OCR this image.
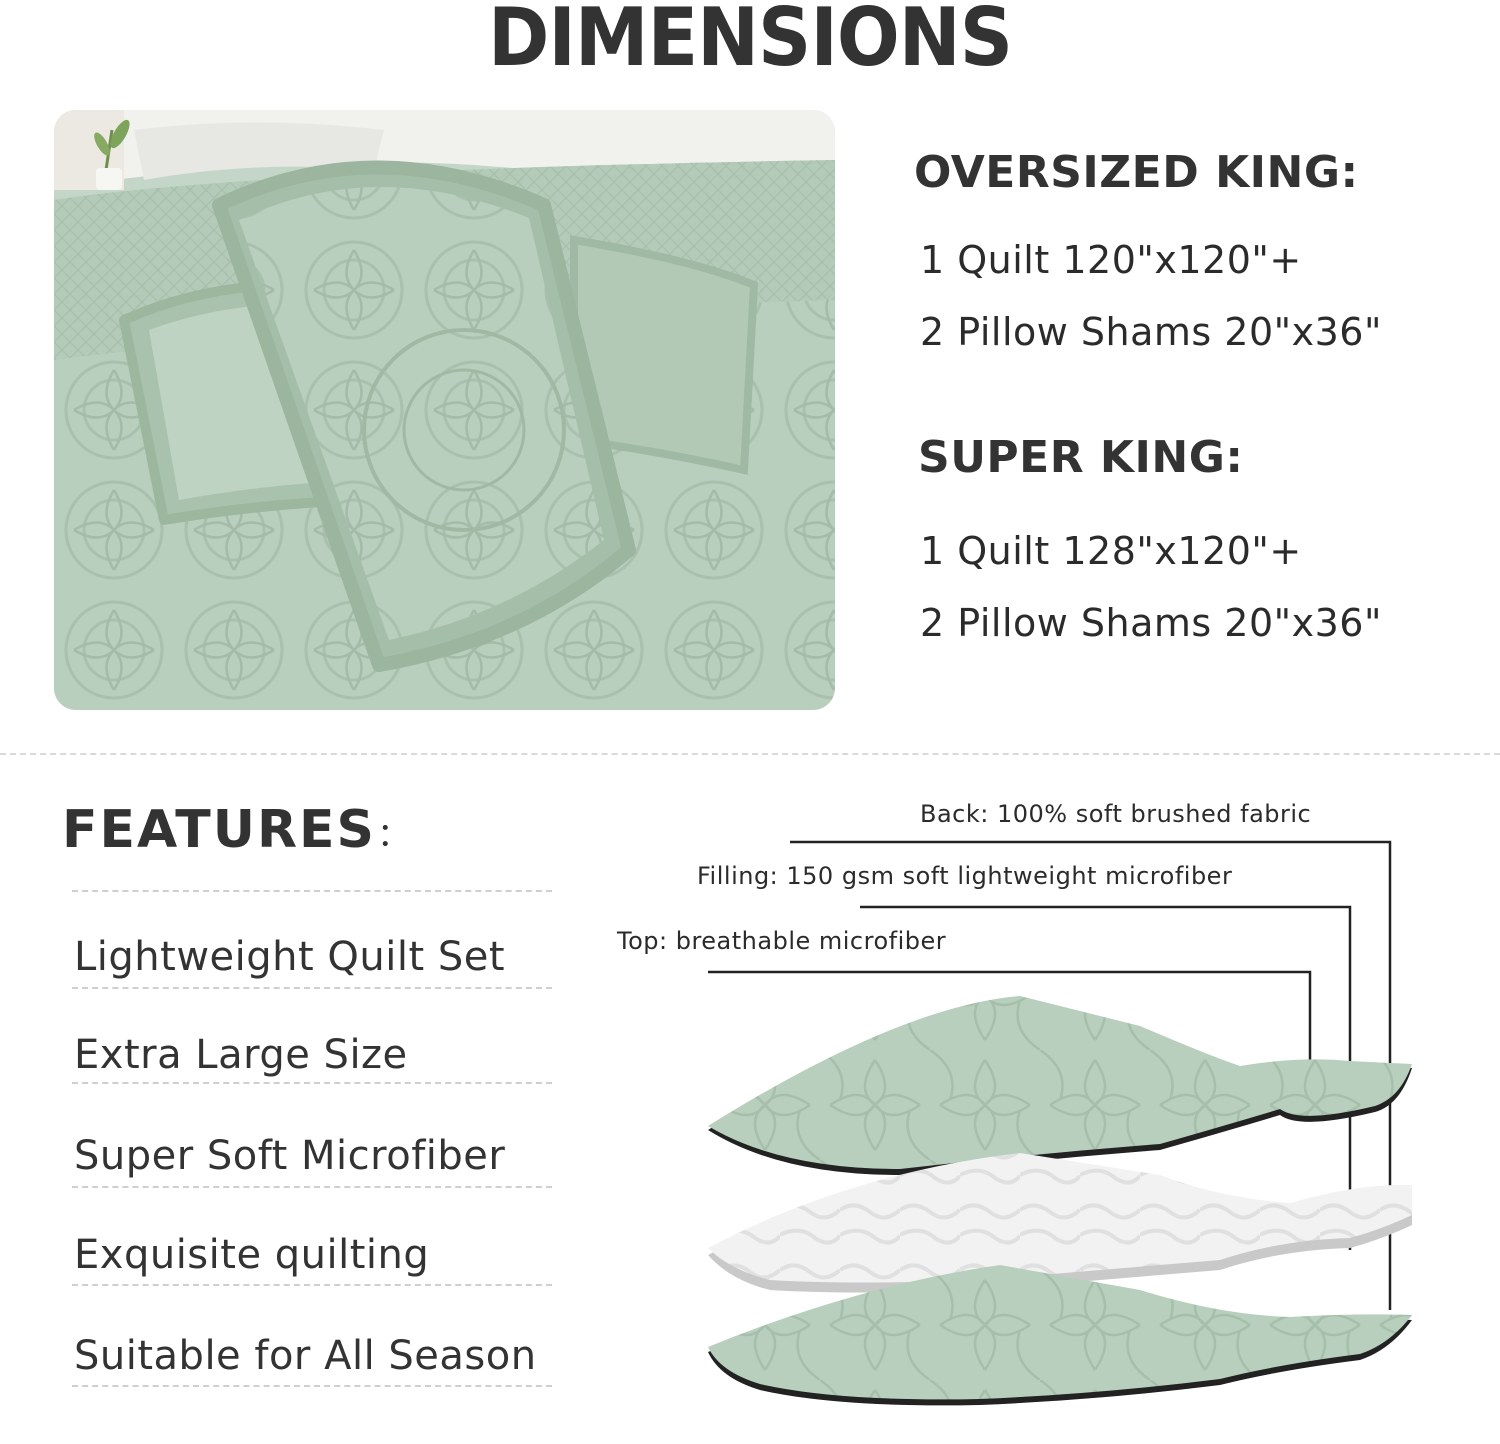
DIMENSIONS
OVERSIZED KING:
1 Quilt 120"x120"+
2 Pillow Shams 20"x36"
SUPER KING:
1 Quilt 128"x120"+
2 Pillow Shams 20"x36"
FEATURES：
Lightweight Quilt Set
Extra Large Size
Super Soft Microfiber
Exquisite quilting
Suitable for All Season
Back: 100% soft brushed fabric
Filling: 150 gsm soft lightweight microfiber
Top: breathable microfiber
